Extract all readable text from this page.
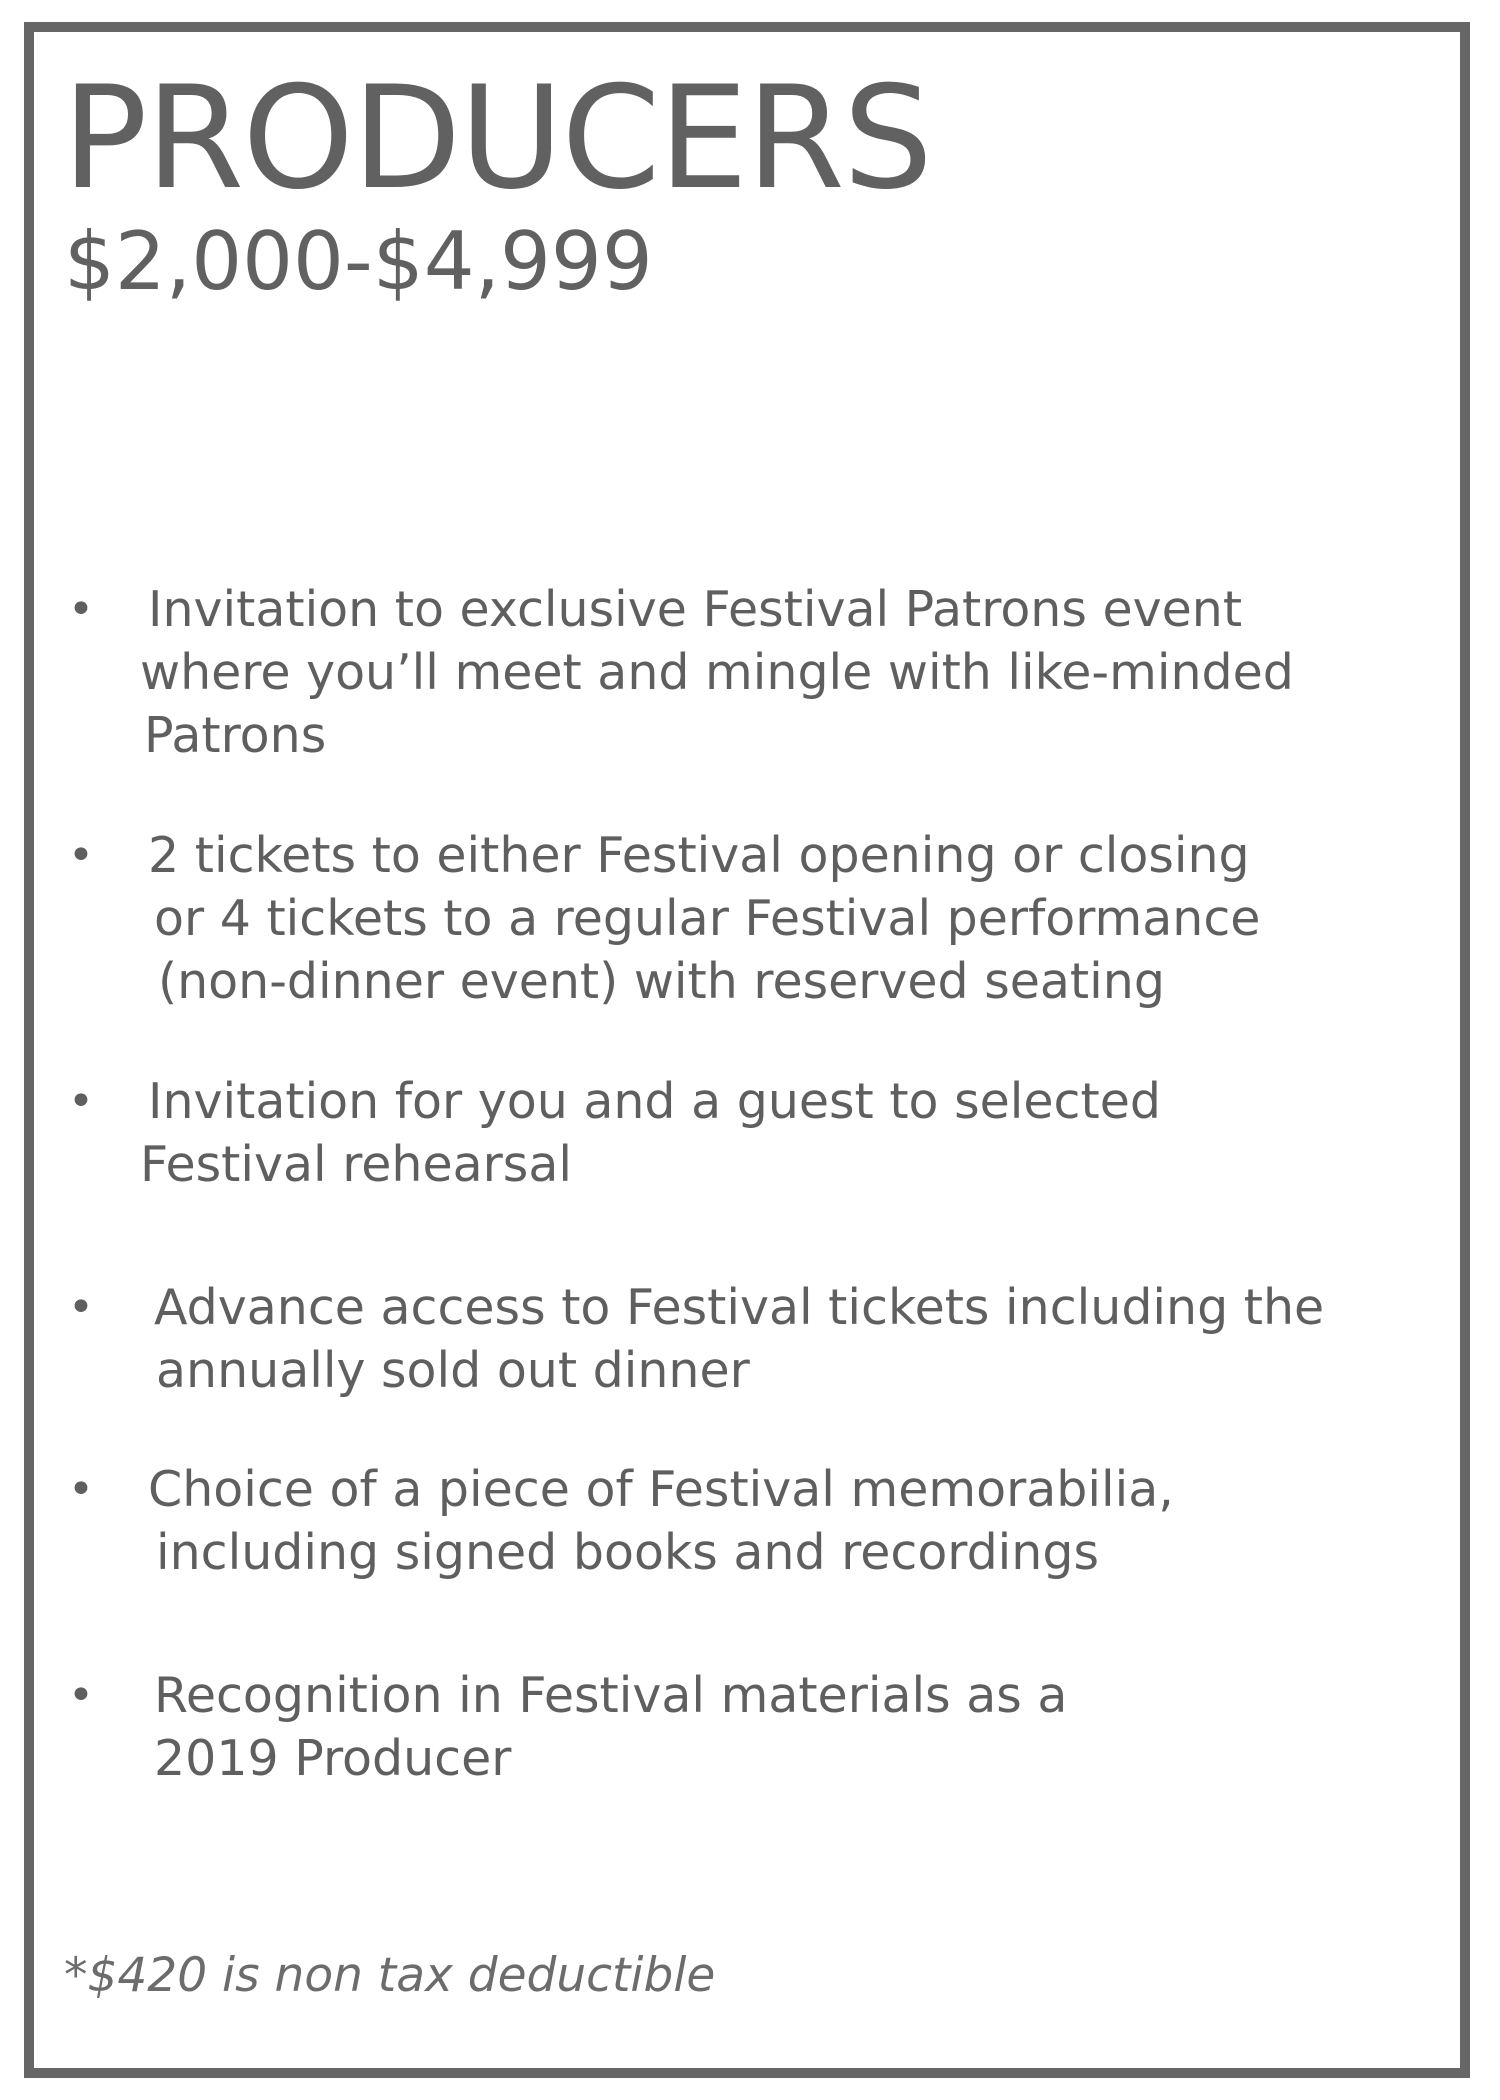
PRODUCERS
$2,000-$4,999
• Invitation to exclusive Festival Patrons event
where you’ll meet and mingle with like-minded
Patrons
• 2 tickets to either Festival opening or closing
or 4 tickets to a regular Festival performance
(non-dinner event) with reserved seating
• Invitation for you and a guest to selected
Festival rehearsal
• Advance access to Festival tickets including the
annually sold out dinner
• Choice of a piece of Festival memorabilia,
including signed books and recordings
• Recognition in Festival materials as a
2019 Producer

*$420 is non tax deductible
